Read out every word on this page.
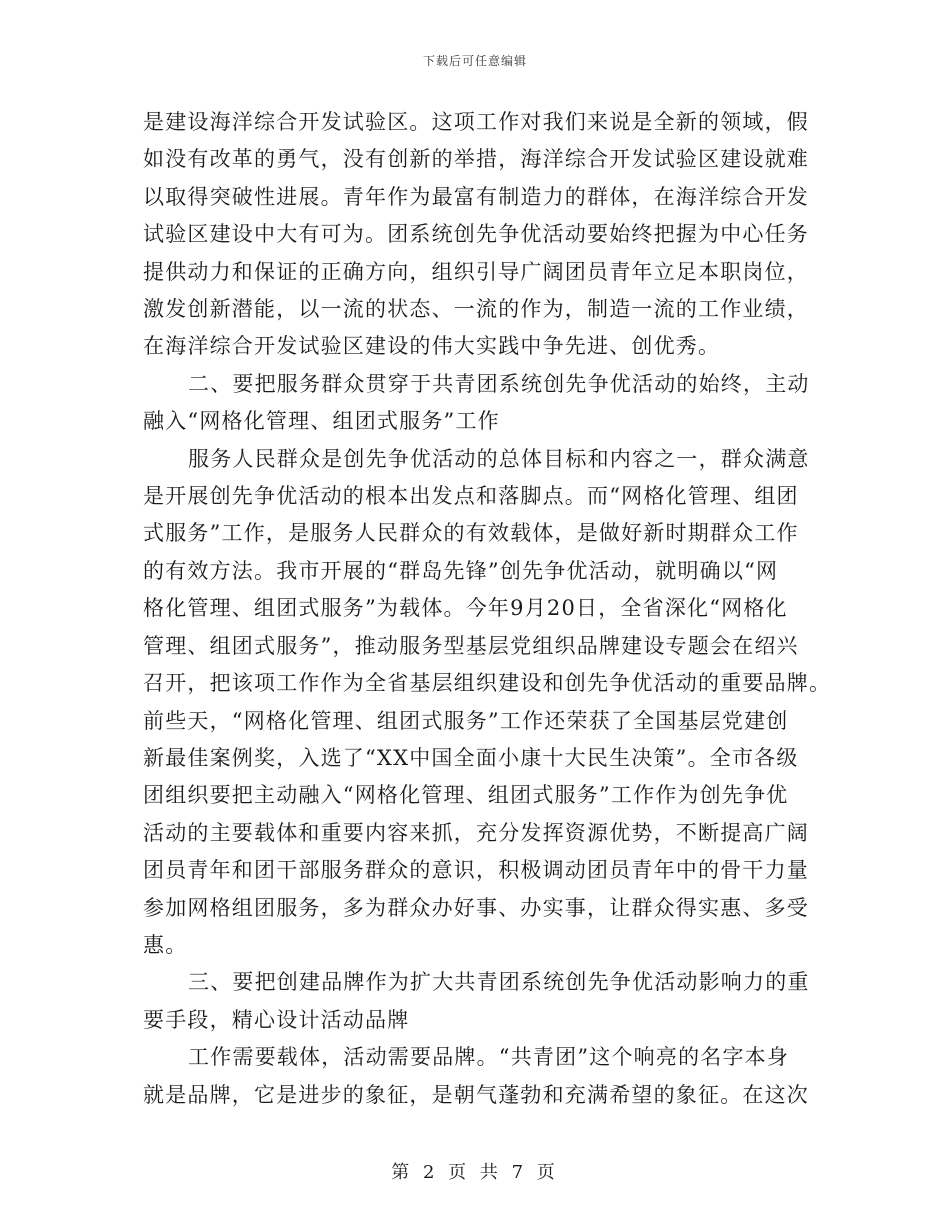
下载后可任意编辑

是建设海洋综合开发试验区。这项工作对我们来说是全新的领域，假
如没有改革的勇气，没有创新的举措，海洋综合开发试验区建设就难
以取得突破性进展。青年作为最富有制造力的群体，在海洋综合开发
试验区建设中大有可为。团系统创先争优活动要始终把握为中心任务
提供动力和保证的正确方向，组织引导广阔团员青年立足本职岗位，
激发创新潜能，以一流的状态、一流的作为，制造一流的工作业绩，
在海洋综合开发试验区建设的伟大实践中争先进、创优秀。

二、要把服务群众贯穿于共青团系统创先争优活动的始终，主动
融入“网格化管理、组团式服务”工作

服务人民群众是创先争优活动的总体目标和内容之一，群众满意
是开展创先争优活动的根本出发点和落脚点。而“网格化管理、组团
式服务”工作，是服务人民群众的有效载体，是做好新时期群众工作
的有效方法。我市开展的“群岛先锋”创先争优活动，就明确以“网
格化管理、组团式服务”为载体。今年9月20日，全省深化“网格化
管理、组团式服务”，推动服务型基层党组织品牌建设专题会在绍兴
召开，把该项工作作为全省基层组织建设和创先争优活动的重要品牌。
前些天，“网格化管理、组团式服务”工作还荣获了全国基层党建创
新最佳案例奖，入选了“XX中国全面小康十大民生决策”。全市各级
团组织要把主动融入“网格化管理、组团式服务”工作作为创先争优
活动的主要载体和重要内容来抓，充分发挥资源优势，不断提高广阔
团员青年和团干部服务群众的意识，积极调动团员青年中的骨干力量
参加网格组团服务，多为群众办好事、办实事，让群众得实惠、多受
惠。

三、要把创建品牌作为扩大共青团系统创先争优活动影响力的重
要手段，精心设计活动品牌

工作需要载体，活动需要品牌。“共青团”这个响亮的名字本身
就是品牌，它是进步的象征，是朝气蓬勃和充满希望的象征。在这次

第 2 页 共 7 页
